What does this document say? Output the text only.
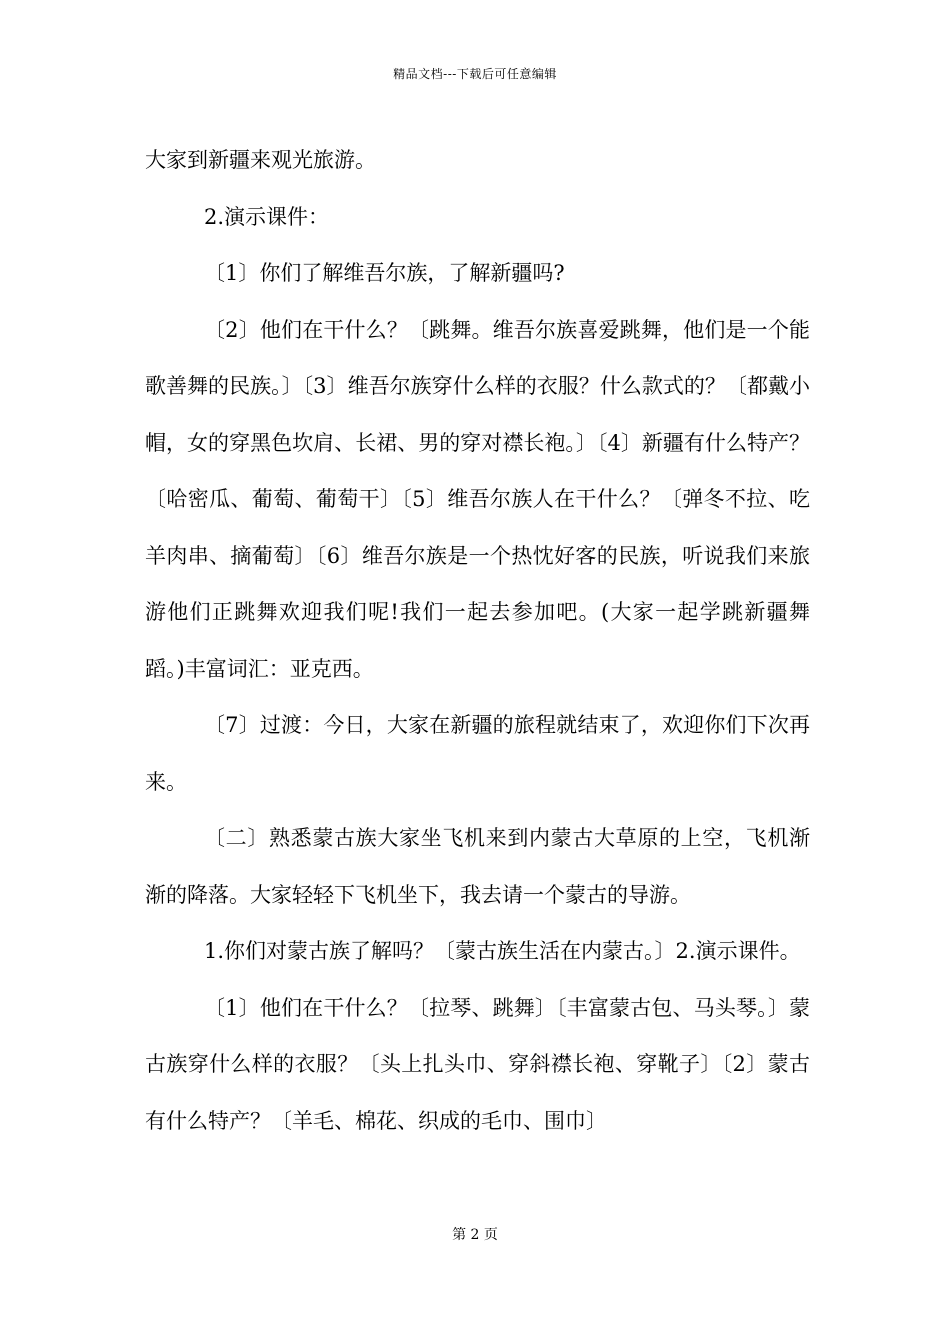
精品文档---下载后可任意编辑

大家到新疆来观光旅游。

2.演示课件：

〔1〕你们了解维吾尔族，了解新疆吗?

〔2〕他们在干什么？〔跳舞。维吾尔族喜爱跳舞，他们是一个能歌善舞的民族。〕〔3〕维吾尔族穿什么样的衣服？什么款式的？〔都戴小帽，女的穿黑色坎肩、长裙、男的穿对襟长袍。〕〔4〕新疆有什么特产？〔哈密瓜、葡萄、葡萄干〕〔5〕维吾尔族人在干什么？〔弹冬不拉、吃羊肉串、摘葡萄〕〔6〕维吾尔族是一个热忱好客的民族，听说我们来旅游他们正跳舞欢迎我们呢!我们一起去参加吧。(大家一起学跳新疆舞蹈。)丰富词汇：亚克西。

〔7〕过渡：今日，大家在新疆的旅程就结束了，欢迎你们下次再来。

〔二〕熟悉蒙古族大家坐飞机来到内蒙古大草原的上空，飞机渐渐的降落。大家轻轻下飞机坐下，我去请一个蒙古的导游。

1.你们对蒙古族了解吗？〔蒙古族生活在内蒙古。〕2.演示课件。

〔1〕他们在干什么？〔拉琴、跳舞〕〔丰富蒙古包、马头琴。〕蒙古族穿什么样的衣服？〔头上扎头巾、穿斜襟长袍、穿靴子〕〔2〕蒙古有什么特产？〔羊毛、棉花、织成的毛巾、围巾〕

第 2 页
